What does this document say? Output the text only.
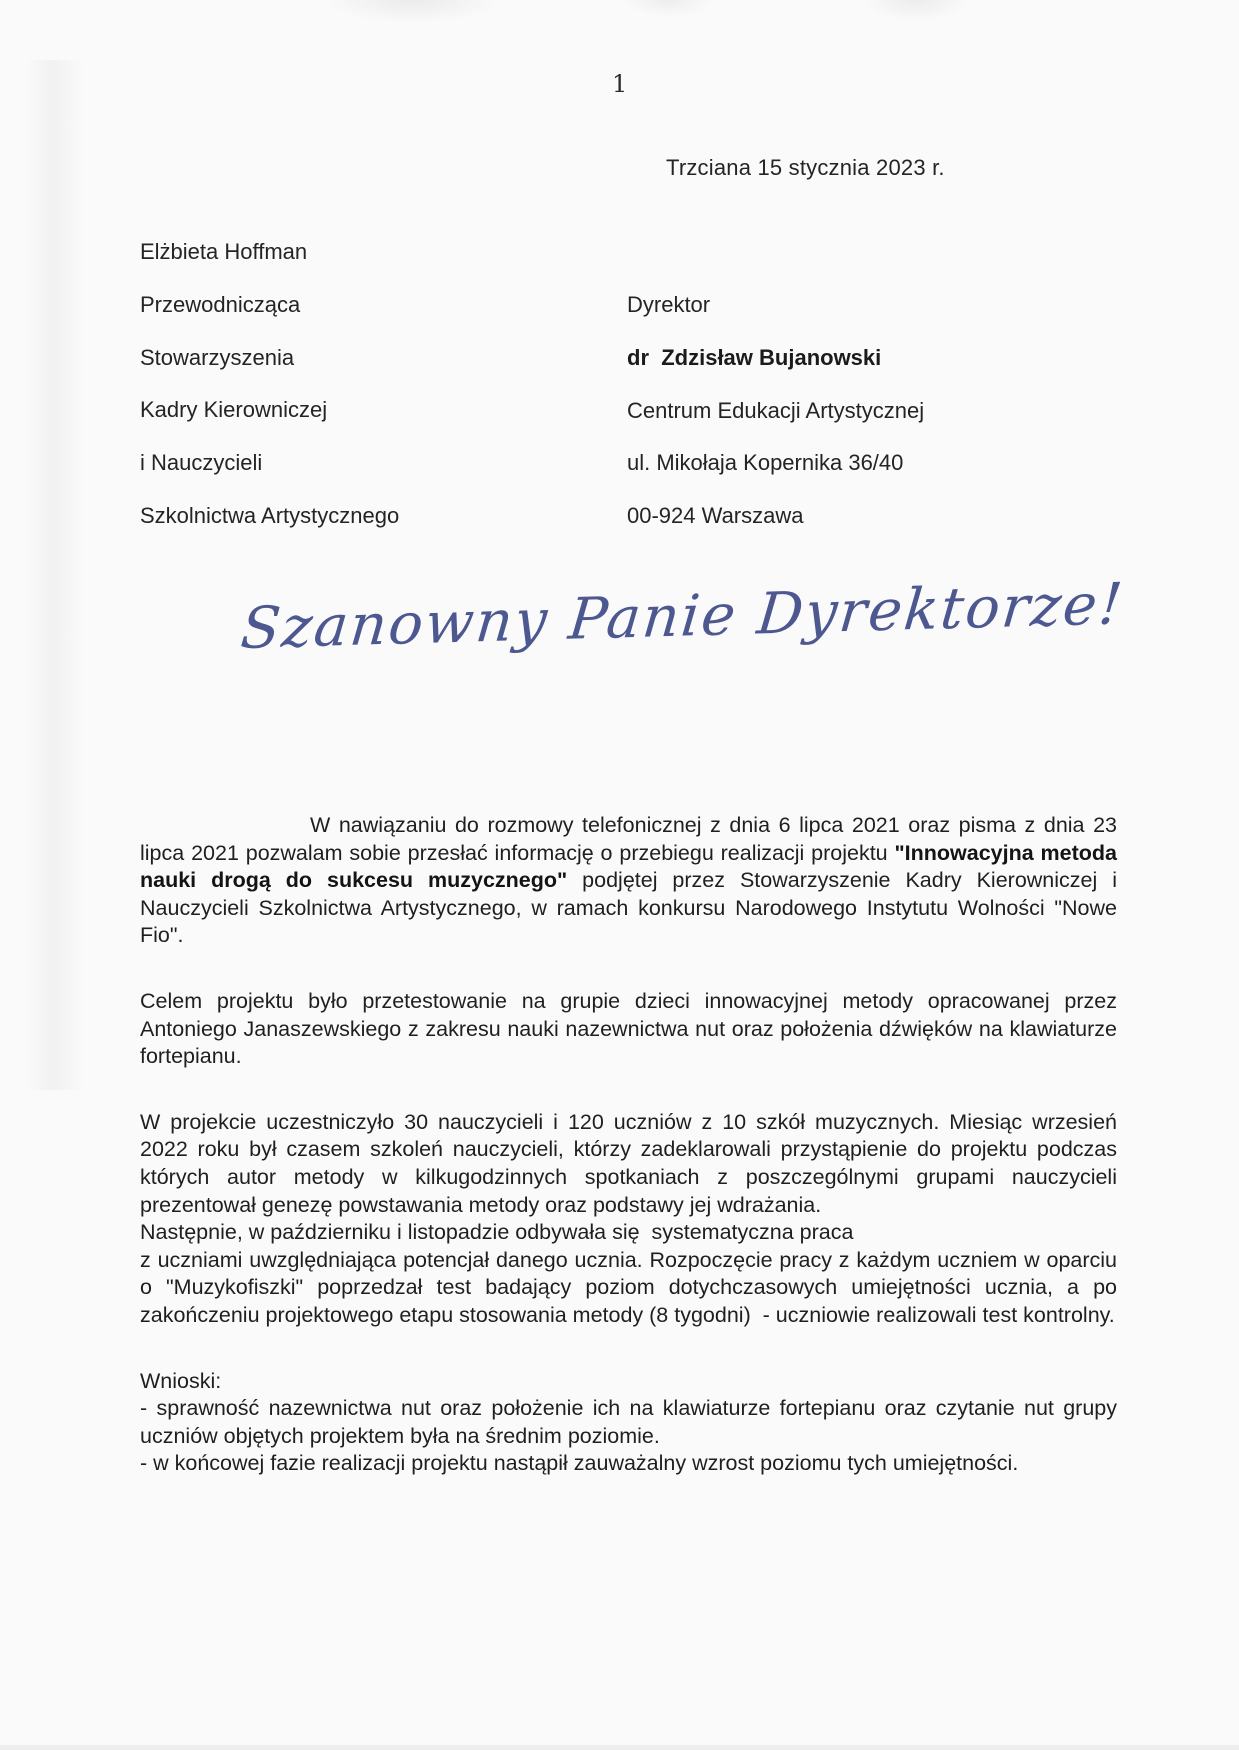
1
Trzciana 15 stycznia 2023 r.
Elżbieta Hoffman
Przewodnicząca
Stowarzyszenia
Kadry Kierowniczej
i Nauczycieli
Szkolnictwa Artystycznego
Dyrektor
dr  Zdzisław Bujanowski
Centrum Edukacji Artystycznej
ul. Mikołaja Kopernika 36/40
00-924 Warszawa
Szanowny Panie Dyrektorze!

W nawiązaniu do rozmowy telefonicznej z dnia 6 lipca 2021 oraz pisma z dnia 23 lipca 2021 pozwalam sobie przesłać informację o przebiegu realizacji projektu "Innowacyjna metoda nauki drogą do sukcesu muzycznego" podjętej przez Stowarzyszenie Kadry Kierowniczej i Nauczycieli Szkolnictwa Artystycznego, w ramach konkursu Narodowego Instytutu Wolności "Nowe Fio".

Celem projektu było przetestowanie na grupie dzieci innowacyjnej metody opracowanej przez Antoniego Janaszewskiego z zakresu nauki nazewnictwa nut oraz położenia dźwięków na klawiaturze fortepianu.

W projekcie uczestniczyło 30 nauczycieli i 120 uczniów z 10 szkół muzycznych. Miesiąc wrzesień 2022 roku był czasem szkoleń nauczycieli, którzy zadeklarowali przystąpienie do projektu podczas których autor metody w kilkugodzinnych spotkaniach z poszczególnymi grupami nauczycieli prezentował genezę powstawania metody oraz podstawy jej wdrażania.
Następnie, w październiku i listopadzie odbywała się  systematyczna praca
z uczniami uwzględniająca potencjał danego ucznia. Rozpoczęcie pracy z każdym uczniem w oparciu o "Muzykofiszki" poprzedzał test badający poziom dotychczasowych umiejętności ucznia, a po zakończeniu projektowego etapu stosowania metody (8 tygodni)  - uczniowie realizowali test kontrolny.

Wnioski:
- sprawność nazewnictwa nut oraz położenie ich na klawiaturze fortepianu oraz czytanie nut grupy uczniów objętych projektem była na średnim poziomie.
- w końcowej fazie realizacji projektu nastąpił zauważalny wzrost poziomu tych umiejętności.
